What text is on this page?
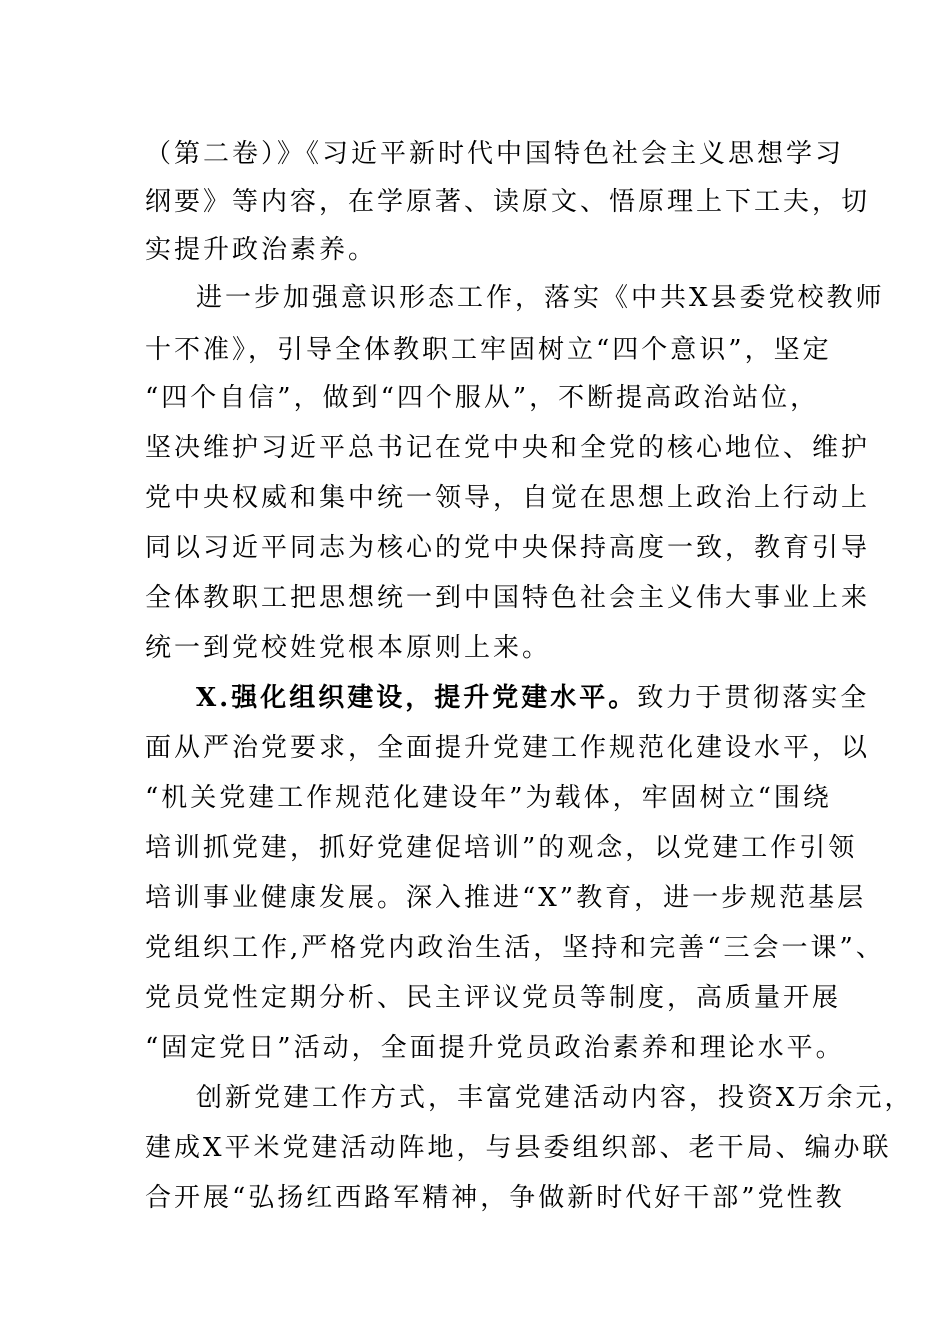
（第二卷）》《习近平新时代中国特色社会主义思想学习
纲要》等内容，在学原著、读原文、悟原理上下工夫，切
实提升政治素养。
进一步加强意识形态工作，落实《中共X县委党校教师
十不准》，引导全体教职工牢固树立“四个意识”，坚定
“四个自信”，做到“四个服从”，不断提高政治站位，
坚决维护习近平总书记在党中央和全党的核心地位、维护
党中央权威和集中统一领导，自觉在思想上政治上行动上
同以习近平同志为核心的党中央保持高度一致，教育引导
全体教职工把思想统一到中国特色社会主义伟大事业上来
统一到党校姓党根本原则上来。
X.强化组织建设，提升党建水平。致力于贯彻落实全
面从严治党要求，全面提升党建工作规范化建设水平，以
“机关党建工作规范化建设年”为载体，牢固树立“围绕
培训抓党建，抓好党建促培训”的观念，以党建工作引领
培训事业健康发展。深入推进“X”教育，进一步规范基层
党组织工作,严格党内政治生活，坚持和完善“三会一课”、
党员党性定期分析、民主评议党员等制度，高质量开展
“固定党日”活动，全面提升党员政治素养和理论水平。
创新党建工作方式，丰富党建活动内容，投资X万余元，
建成X平米党建活动阵地，与县委组织部、老干局、编办联
合开展“弘扬红西路军精神，争做新时代好干部”党性教
